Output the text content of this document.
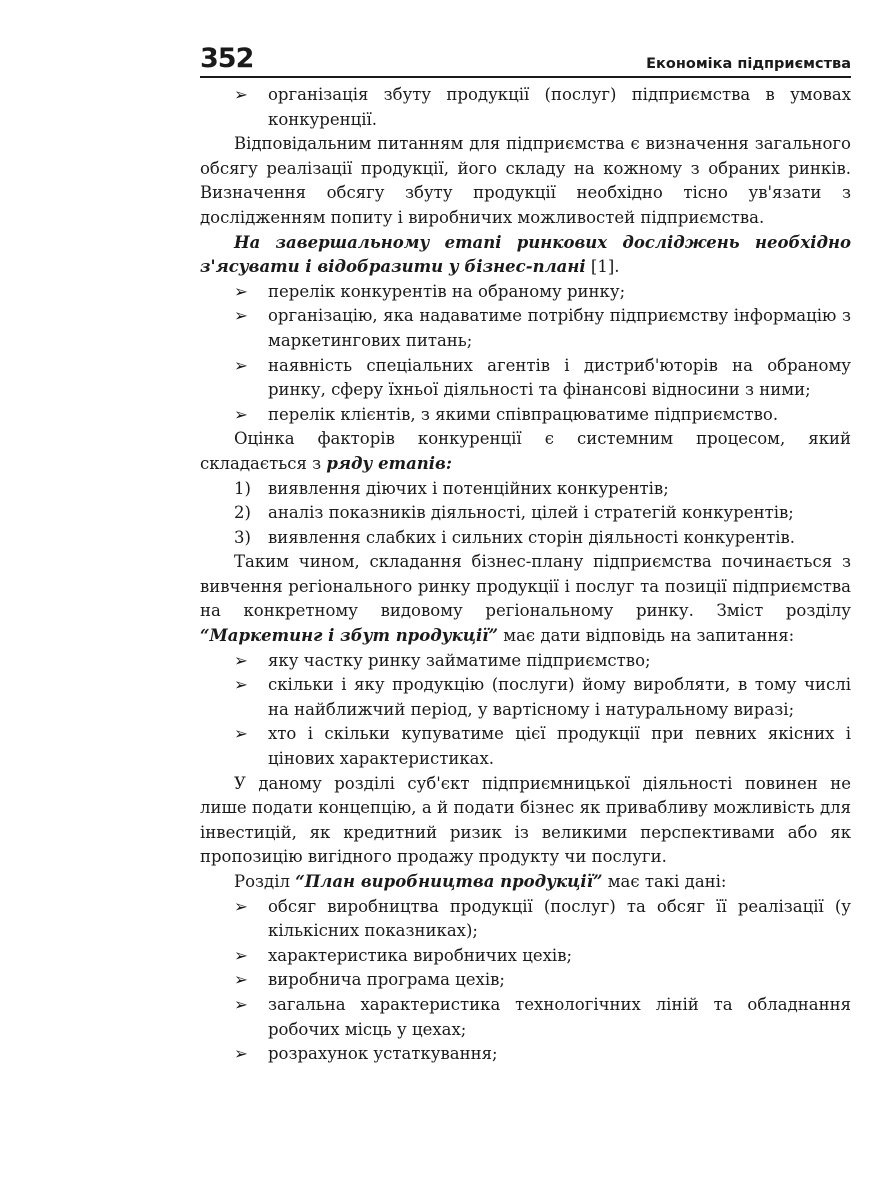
352	Економіка підприємства

➢	організація збуту продукції (послуг) підприємства в умовах конкуренції.

Відповідальним питанням для підприємства є визначення загального обсягу реалізації продукції, його складу на кожному з обраних ринків. Визначення обсягу збуту продукції необхідно тісно ув'язати з дослідженням попиту і виробничих можливостей підприємства.

На завершальному етапі ринкових досліджень необхідно з'ясувати і відобразити у бізнес-плані [1].

➢	перелік конкурентів на обраному ринку;

➢	організацію, яка надаватиме потрібну підприємству інформацію з маркетингових питань;

➢	наявність спеціальних агентів і дистриб'юторів на обраному ринку, сферу їхньої діяльності та фінансові відносини з ними;

➢	перелік клієнтів, з якими співпрацюватиме підприємство.

Оцінка факторів конкуренції є системним процесом, який складається з ряду етапів:

1)	виявлення діючих і потенційних конкурентів;

2)	аналіз показників діяльності, цілей і стратегій конкурентів;

3)	виявлення слабких і сильних сторін діяльності конкурентів.

Таким чином, складання бізнес-плану підприємства починається з вивчення регіонального ринку продукції і послуг та позиції підприємства на конкретному видовому регіональному ринку. Зміст розділу “Маркетинг і збут продукції” має дати відповідь на запитання:

➢	яку частку ринку займатиме підприємство;

➢	скільки і яку продукцію (послуги) йому виробляти, в тому числі на найближчий період, у вартісному і натуральному виразі;

➢	хто і скільки купуватиме цієї продукції при певних якісних і цінових характеристиках.

У даному розділі суб'єкт підприємницької діяльності повинен не лише подати концепцію, а й подати бізнес як привабливу можливість для інвестицій, як кредитний ризик із великими перспективами або як пропозицію вигідного продажу продукту чи послуги.

Розділ “План виробництва продукції” має такі дані:

➢	обсяг виробництва продукції (послуг) та обсяг її реалізації (у кількісних показниках);

➢	характеристика виробничих цехів;

➢	виробнича програма цехів;

➢	загальна характеристика технологічних ліній та обладнання робочих місць у цехах;

➢	розрахунок устаткування;
